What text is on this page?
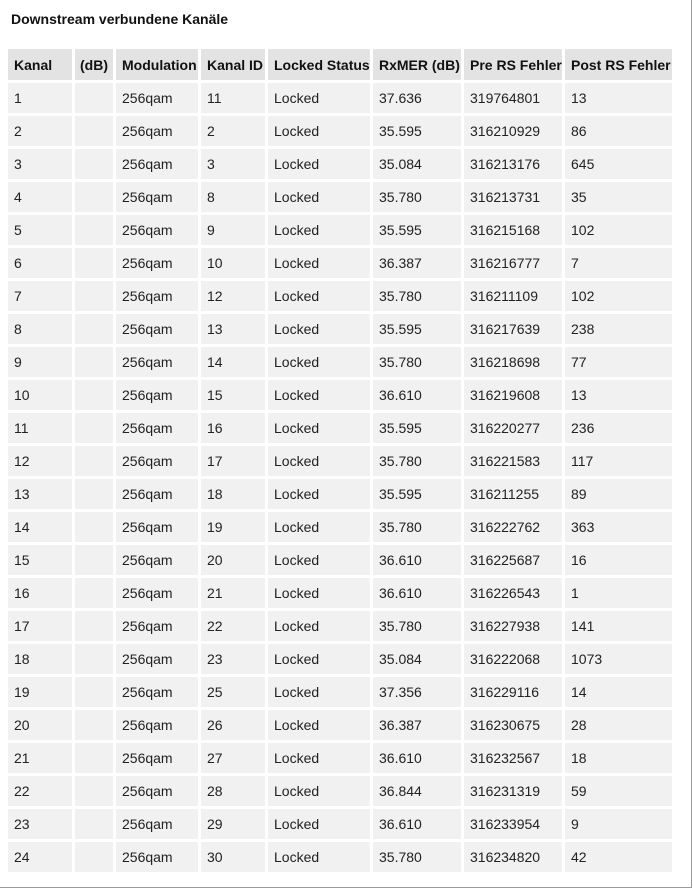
Downstream verbundene Kanäle
Kanal	(dB)	Modulation	Kanal ID	Locked Status	RxMER (dB)	Pre RS Fehler	Post RS Fehler
1		256qam	11	Locked	37.636	319764801	13
2		256qam	2	Locked	35.595	316210929	86
3		256qam	3	Locked	35.084	316213176	645
4		256qam	8	Locked	35.780	316213731	35
5		256qam	9	Locked	35.595	316215168	102
6		256qam	10	Locked	36.387	316216777	7
7		256qam	12	Locked	35.780	316211109	102
8		256qam	13	Locked	35.595	316217639	238
9		256qam	14	Locked	35.780	316218698	77
10		256qam	15	Locked	36.610	316219608	13
11		256qam	16	Locked	35.595	316220277	236
12		256qam	17	Locked	35.780	316221583	117
13		256qam	18	Locked	35.595	316211255	89
14		256qam	19	Locked	35.780	316222762	363
15		256qam	20	Locked	36.610	316225687	16
16		256qam	21	Locked	36.610	316226543	1
17		256qam	22	Locked	35.780	316227938	141
18		256qam	23	Locked	35.084	316222068	1073
19		256qam	25	Locked	37.356	316229116	14
20		256qam	26	Locked	36.387	316230675	28
21		256qam	27	Locked	36.610	316232567	18
22		256qam	28	Locked	36.844	316231319	59
23		256qam	29	Locked	36.610	316233954	9
24		256qam	30	Locked	35.780	316234820	42
